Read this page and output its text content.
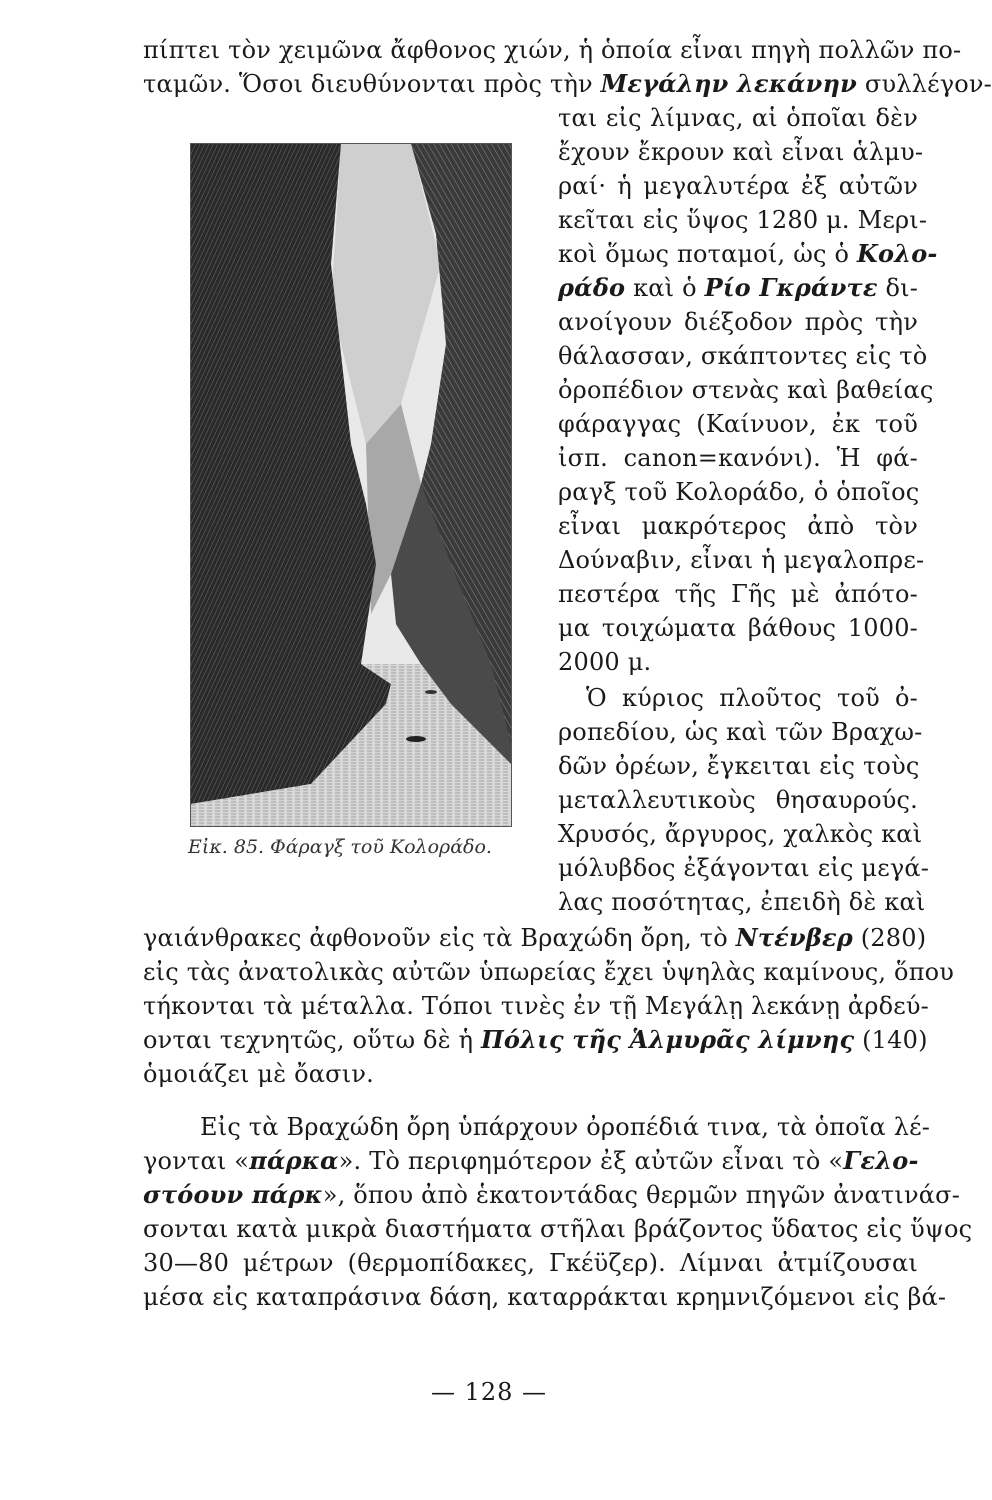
πίπτει τὸν χειμῶνα ἄφθονος χιών, ἡ ὁποία εἶναι πηγὴ πολλῶν πο-
ταμῶν. Ὅσοι διευθύνονται πρὸς τὴν Μεγάλην λεκάνην συλλέγον-
Εἰκ. 85. Φάραγξ τοῦ Κολοράδο.
ται εἰς λίμνας, αἱ ὁποῖαι δὲν
ἔχουν ἔκρουν καὶ εἶναι ἁλμυ-
ραί· ἡ μεγαλυτέρα ἐξ αὐτῶν
κεῖται εἰς ὕψος 1280 μ. Μερι-
κοὶ ὅμως ποταμοί, ὡς ὁ Κολο-
ράδο καὶ ὁ Ρίο Γκράντε δι-
ανοίγουν διέξοδον πρὸς τὴν
θάλασσαν, σκάπτοντες εἰς τὸ
ὀροπέδιον στενὰς καὶ βαθείας
φάραγγας (Καίνυον, ἐκ τοῦ
ἰσπ. canon=κανόνι). Ἡ φά-
ραγξ τοῦ Κολοράδο, ὁ ὁποῖος
εἶναι μακρότερος ἀπὸ τὸν
Δούναβιν, εἶναι ἡ μεγαλοπρε-
πεστέρα τῆς Γῆς μὲ ἀπότο-
μα τοιχώματα βάθους 1000-
2000 μ.
Ὁ κύριος πλοῦτος τοῦ ὀ-
ροπεδίου, ὡς καὶ τῶν Βραχω-
δῶν ὀρέων, ἔγκειται εἰς τοὺς
μεταλλευτικοὺς θησαυρούς.
Χρυσός, ἄργυρος, χαλκὸς καὶ
μόλυβδος ἐξάγονται εἰς μεγά-
λας ποσότητας, ἐπειδὴ δὲ καὶ
γαιάνθρακες ἀφθονοῦν εἰς τὰ Βραχώδη ὄρη, τὸ Ντένβερ (280)
εἰς τὰς ἀνατολικὰς αὐτῶν ὑπωρείας ἔχει ὑψηλὰς καμίνους, ὅπου
τήκονται τὰ μέταλλα. Τόποι τινὲς ἐν τῇ Μεγάλῃ λεκάνῃ ἀρδεύ-
ονται τεχνητῶς, οὕτω δὲ ἡ Πόλις τῆς Ἁλμυρᾶς λίμνης (140)
ὁμοιάζει μὲ ὄασιν.
Εἰς τὰ Βραχώδη ὄρη ὑπάρχουν ὀροπέδιά τινα, τὰ ὁποῖα λέ-
γονται «πάρκα». Τὸ περιφημότερον ἐξ αὐτῶν εἶναι τὸ «Γελο-
στόουν πάρκ», ὅπου ἀπὸ ἑκατοντάδας θερμῶν πηγῶν ἀνατινάσ-
σονται κατὰ μικρὰ διαστήματα στῆλαι βράζοντος ὕδατος εἰς ὕψος
30—80 μέτρων (θερμοπίδακες, Γκέϋζερ). Λίμναι ἀτμίζουσαι
μέσα εἰς καταπράσινα δάση, καταρράκται κρημνιζόμενοι εἰς βά-
— 128 —
